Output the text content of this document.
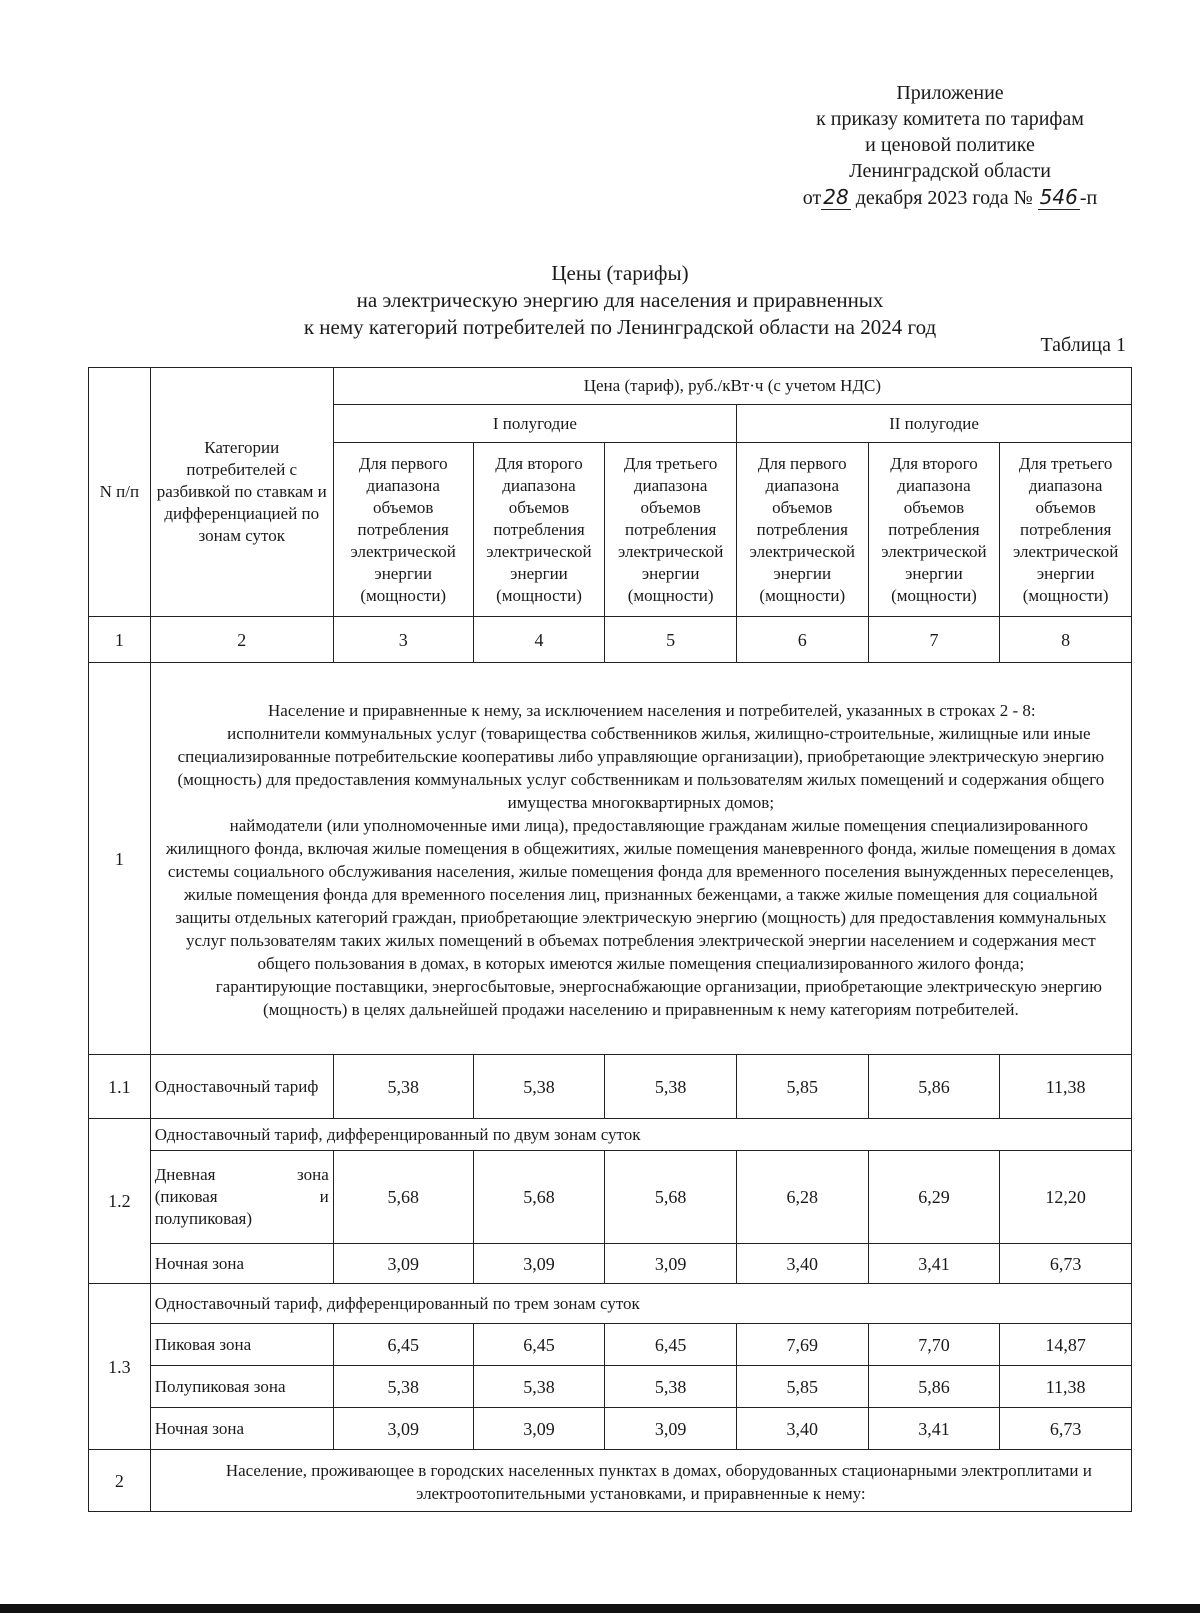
Приложение
к приказу комитета по тарифам
и ценовой политике
Ленинградской области
от 28 декабря 2023 года № 546 -п
Цены (тарифы)
на электрическую энергию для населения и приравненных
к нему категорий потребителей по Ленинградской области на 2024 год
Таблица 1
N п/п	Категории потребителей с разбивкой по ставкам и дифференциацией по зонам суток	Цена (тариф), руб./кВт·ч (с учетом НДС)					
		I полугодие			II полугодие		
		Для первого диапазона объемов потребления электрической энергии (мощности)	Для второго диапазона объемов потребления электрической энергии (мощности)	Для третьего диапазона объемов потребления электрической энергии (мощности)	Для первого диапазона объемов потребления электрической энергии (мощности)	Для второго диапазона объемов потребления электрической энергии (мощности)	Для третьего диапазона объемов потребления электрической энергии (мощности)
1	2	3	4	5	6	7	8
1	Население и приравненные к нему, за исключением населения и потребителей, указанных в строках 2 - 8:

исполнители коммунальных услуг (товарищества собственников жилья, жилищно-строительные, жилищные или иные специализированные потребительские кооперативы либо управляющие организации), приобретающие электрическую энергию (мощность) для предоставления коммунальных услуг собственникам и пользователям жилых помещений и содержания общего имущества многоквартирных домов;

наймодатели (или уполномоченные ими лица), предоставляющие гражданам жилые помещения специализированного жилищного фонда, включая жилые помещения в общежитиях, жилые помещения маневренного фонда, жилые помещения в домах системы социального обслуживания населения, жилые помещения фонда для временного поселения вынужденных переселенцев, жилые помещения фонда для временного поселения лиц, признанных беженцами, а также жилые помещения для социальной защиты отдельных категорий граждан, приобретающие электрическую энергию (мощность) для предоставления коммунальных услуг пользователям таких жилых помещений в объемах потребления электрической энергии населением и содержания мест общего пользования в домах, в которых имеются жилые помещения специализированного жилого фонда;

гарантирующие поставщики, энергосбытовые, энергоснабжающие организации, приобретающие электрическую энергию (мощность) в целях дальнейшей продажи населению и приравненным к нему категориям потребителей.						

1.1	Одноставочный тариф	5,38	5,38	5,38	5,85	5,86	11,38
1.2	Одноставочный тариф, дифференцированный по двум зонам суток						

	Дневная зона
(пиковая и
полупиковая)	5,68	5,68	5,68	6,28	6,29	12,20
	Ночная зона	3,09	3,09	3,09	3,40	3,41	6,73
1.3	Одноставочный тариф, дифференцированный по трем зонам суток						
	Пиковая зона	6,45	6,45	6,45	7,69	7,70	14,87
	Полупиковая зона	5,38	5,38	5,38	5,85	5,86	11,38
	Ночная зона	3,09	3,09	3,09	3,40	3,41	6,73
2	Население, проживающее в городских населенных пунктах в домах, оборудованных стационарными электроплитами и электроотопительными установками, и приравненные к нему:						
